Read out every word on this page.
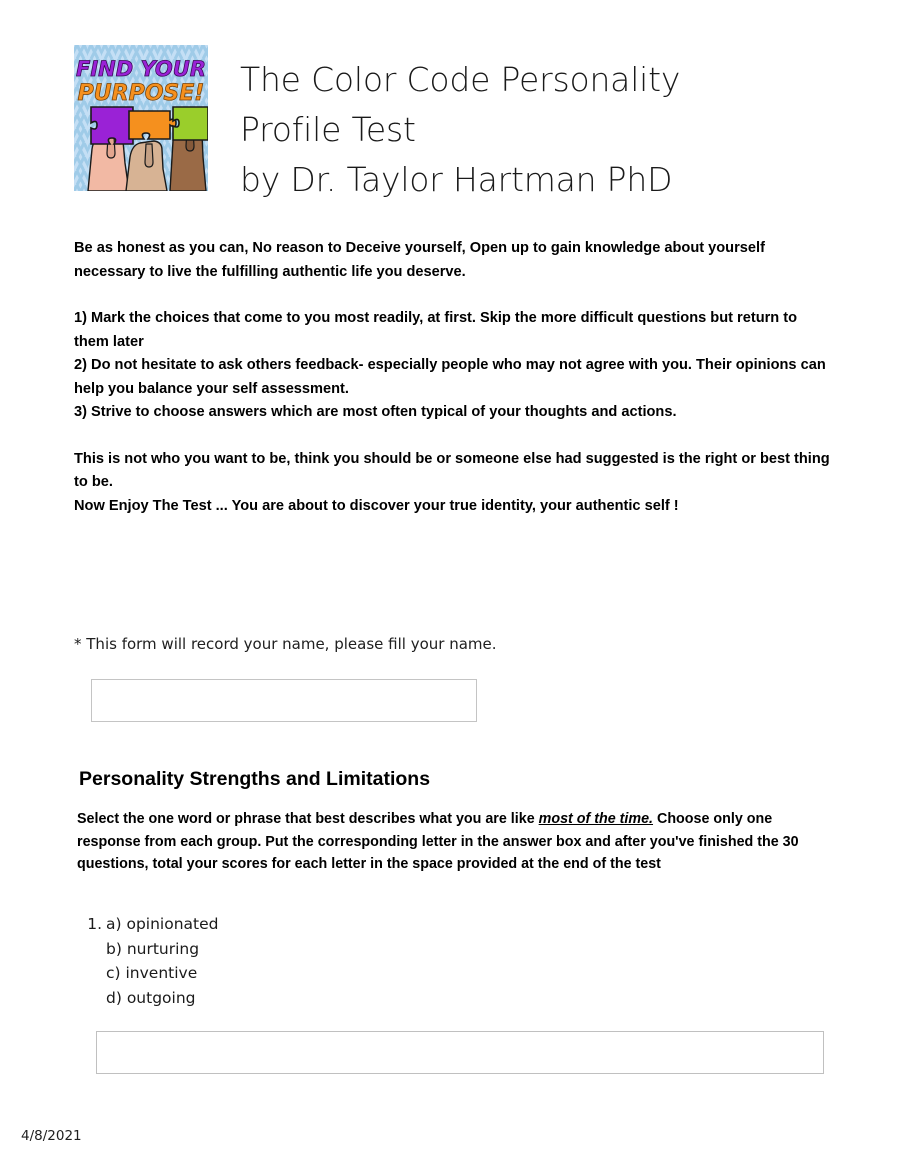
FIND YOUR
PURPOSE! The Color Code Personality
Profile Test
by Dr. Taylor Hartman PhD

Be as honest as you can, No reason to Deceive yourself, Open up to gain knowledge about yourself necessary to live the fulfilling authentic life you deserve.

1) Mark the choices that come to you most readily, at first. Skip the more difficult questions but return to them later

2) Do not hesitate to ask others feedback- especially people who may not agree with you. Their opinions can help you balance your self assessment.

3) Strive to choose answers which are most often typical of your thoughts and actions.

This is not who you want to be, think you should be or someone else had suggested is the right or best thing to be.

Now Enjoy The Test ... You are about to discover your true identity, your authentic self !

* This form will record your name, please fill your name.
Personality Strengths and Limitations
Select the one word or phrase that best describes what you are like most of the time. Choose only one response from each group. Put the corresponding letter in the answer box and after you've finished the 30 questions, total your scores for each letter in the space provided at the end of the test
1. a) opinionated
b) nurturing
c) inventive
d) outgoing
4/8/2021
